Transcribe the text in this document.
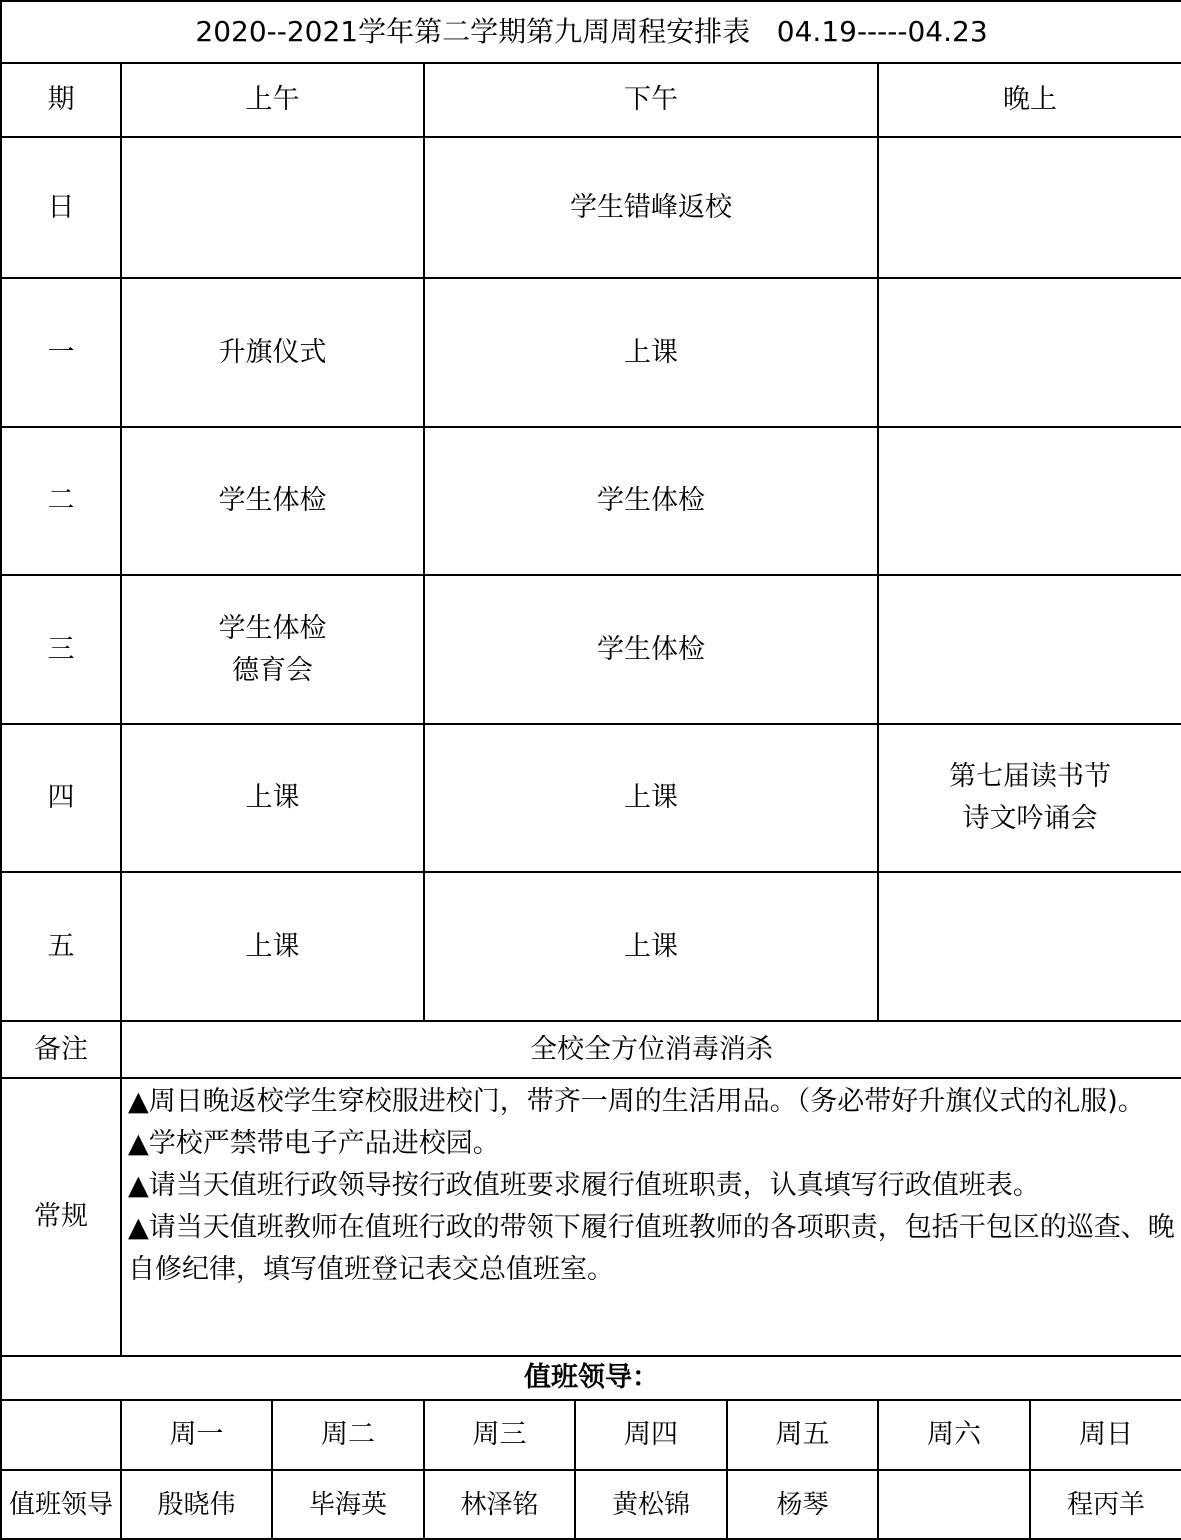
2020--2021学年第二学期第九周周程安排表   04.19-----04.23							
期	上午		下午			晚上	
日			学生错峰返校				

一	升旗仪式		上课				

二	学生体检		学生体检				

三	学生体检
德育会		学生体检				

四	上课		上课			第七届读书节
诗文吟诵会	

五	上课		上课				

备注	全校全方位消毒消杀						
常规	▲周日晚返校学生穿校服进校门，带齐一周的生活用品。（务必带好升旗仪式的礼服)。

▲学校严禁带电子产品进校园。

▲请当天值班行政领导按行政值班要求履行值班职责，认真填写行政值班表。

▲请当天值班教师在值班行政的带领下履行值班教师的各项职责，包括干包区的巡查、晚自修纪律，填写值班登记表交总值班室。						

值班领导：							
	周一	周二	周三	周四	周五	周六	周日
值班领导	殷晓伟	毕海英	林泽铭	黄松锦	杨琴		程丙羊
